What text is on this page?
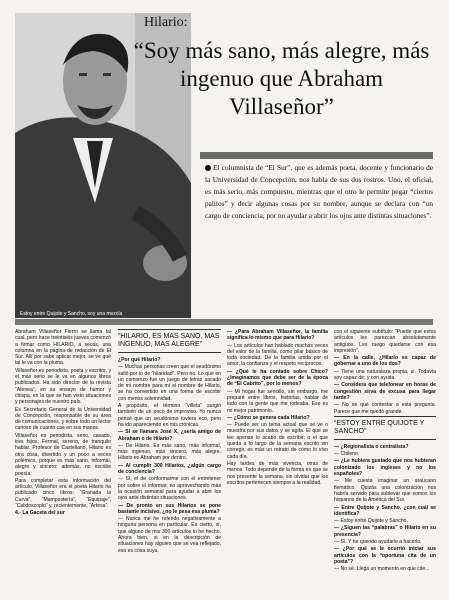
Estoy entre Quijote y Sancho, soy una mezcla
Hilario:
“Soy más sano, más alegre, más ingenuo que Abraham Villaseñor”
El columnista de “El Sur”, que es además poeta, docente y funcionario de la Universidad de Concepción, nos habla de sus dos rostros. Uno, el oficial, es más serio, más compuesto, mientras que el otro le permite pegar “ciertos palitos” y decir algunas cosas por su nombre, aunque se declara con “un cargo de conciencia, por no ayudar a abrir los ojos ante distintas situaciones”.

Abraham Villaseñor Fierro se llama tal cual, pero hace treintiséis jueves comenzó a firmar como HILARIO, a secas, una columna en la página de redacción de El Sur. Allí por sabe aplicar mejor, se ve qué tal le va con la pluma.

Villaseñor es periodista, poeta y escritor, y el más serio se le va en algunos libros publicados. Ha sido director de la revista “Atenea”, en su ensayo de humor y chispa, en la que se han visto situaciones y personajes de nuestro país.

Es Secretario General de la Universidad de Concepción, responsable de su área de comunicaciones, y sobre todo un lector curioso de cuanto cae en sus manos.

Villaseñor es periodista, serio, casado, tres hijos. Fermal, sereno, de tranquilo hablar. Profesor de Castellano, Hilario es otra cosa, divertido y un poco a veces polémico, porque es más sano, informal, alegre y sincero; además, no escribe poesía.

Para completar esta información del artículo, Villaseñor era el poeta Hilario ha publicado cinco libros: “Granada la Curva”, “Mampostería”, “Equipaje”, “Calidoscopio” y, recientemente, “Artesa”.

4.- La Gaceta del sur

“HILARIO, ES MAS SANO, MAS INGENUO, MAS ALEGRE”

¿Por qué Hilario?

— Muchas personas creen que el seudónimo salió por lo de “hilaridad”. Pero no. Lo que en un comienzo fue un juego de letras sacado de mi nombre para mí el nombre de Hilario, se ha convertido en una forma de escribir con menos solemnidad.

A propósito, el término “villeta” surgió también de un poco de improviso. Yo nunca pensé que un seudónimo tuviera eco, pero ha ido apareciendo en mis crónicas.

— Si se llamara José X, ¿sería amigo de Abraham o de Hilario?

— De Hilario. Es más sano, más informal, más ingenuo, más sincero, más alegre. Hilario es Abraham por dentro.

— Al cumplir 300 Hilarios, ¿algún cargo de conciencia?

— Sí, el de conformarme con el entretener por sobre el informar, no aprovechando más la ocasión semanal para ayudar a abrir los ojos ante distintas situaciones.

— De pronto en sus Hilarios se pone bastante incisivo, ¿no le pesa esa pluma?

— Nunca me he referido negativamente a ninguna persona en particular. Es cierto, sí, que alguno de mis 300 artículos lo he hecho. Ahora bien, si en la descripción de situaciones hay alguien que se vea reflejado, eso es cosa suya.

— ¿Para Abraham Villaseñor, la familia significa lo mismo que para Hilario?

— Los artículos han hablado muchas veces del valor de la familia, como pilar básico de toda sociedad. De la familia unida por el amor, la confianza y el respeto recíprocos.

— ¿Qué le ha contado sobre Chico? ¿Imaginamos que debe ser de la época de “El Cabrito”, por lo menos?

— Mi hogar fue sencillo, sin embargo, me preparé entre libros, historias, hablar de todo con la gente que me rodeaba. Ese es mi mejor patrimonio.

— ¿Cómo se genera cada Hilario?

— Puede ser un tema actual que se ve o muestra por sus datos y se agita. El que se lee apenas lo acabo de escribir, o el que queda a lo largo de la semana escrito sin corregir, es más un retrato de cómo lo vivo cada día.

Hay tardes de más vivencia, otras de menos. Todo depende de la forma en que se nos presente la semana, sin olvidar que los escritos pertenecen siempre a la realidad.

con el siguiente subtítulo: “Puede que estos artículos les parezcan absolutamente antiguos. Les ruego quedarse con esa impresión”.

— En la calle, ¿Hilario es capaz de gobernar a uno de los dos?

— Tiene una naturaleza propia, sí. Todavía soy capaz de; y con ayuda.

— Considera que telefonear en horas de congestión sirva de excusa para llegar tarde?

— No se qué contestar a esta pregunta. Parece que me quedó grande.

“ESTOY ENTRE QUIJOTE Y SANCHO”

— ¿Regionalista o centralista?

— Chileno.

— ¿Le hubiera gustado que nos hubieran colonizado los ingleses y no los españoles?

— Me cuesta imaginar un araucano flemático. Quizás una colonización nos habría servido para sublevar que somos los hispanos de la América del Sur.

— Entre Quijote y Sancho, ¿con cuál se identifica?

— Estoy entre Quijote y Sancho.

— ¿Siguen las “palabras” o Hilario en su presencia?

— Sí. Y he querido ayudarlo a hacerlo.

— ¿Por qué se le ocurrió iniciar sus artículos con la “oportuna cita de un poeta”?

— No sé. Llega un momento en que cite...
